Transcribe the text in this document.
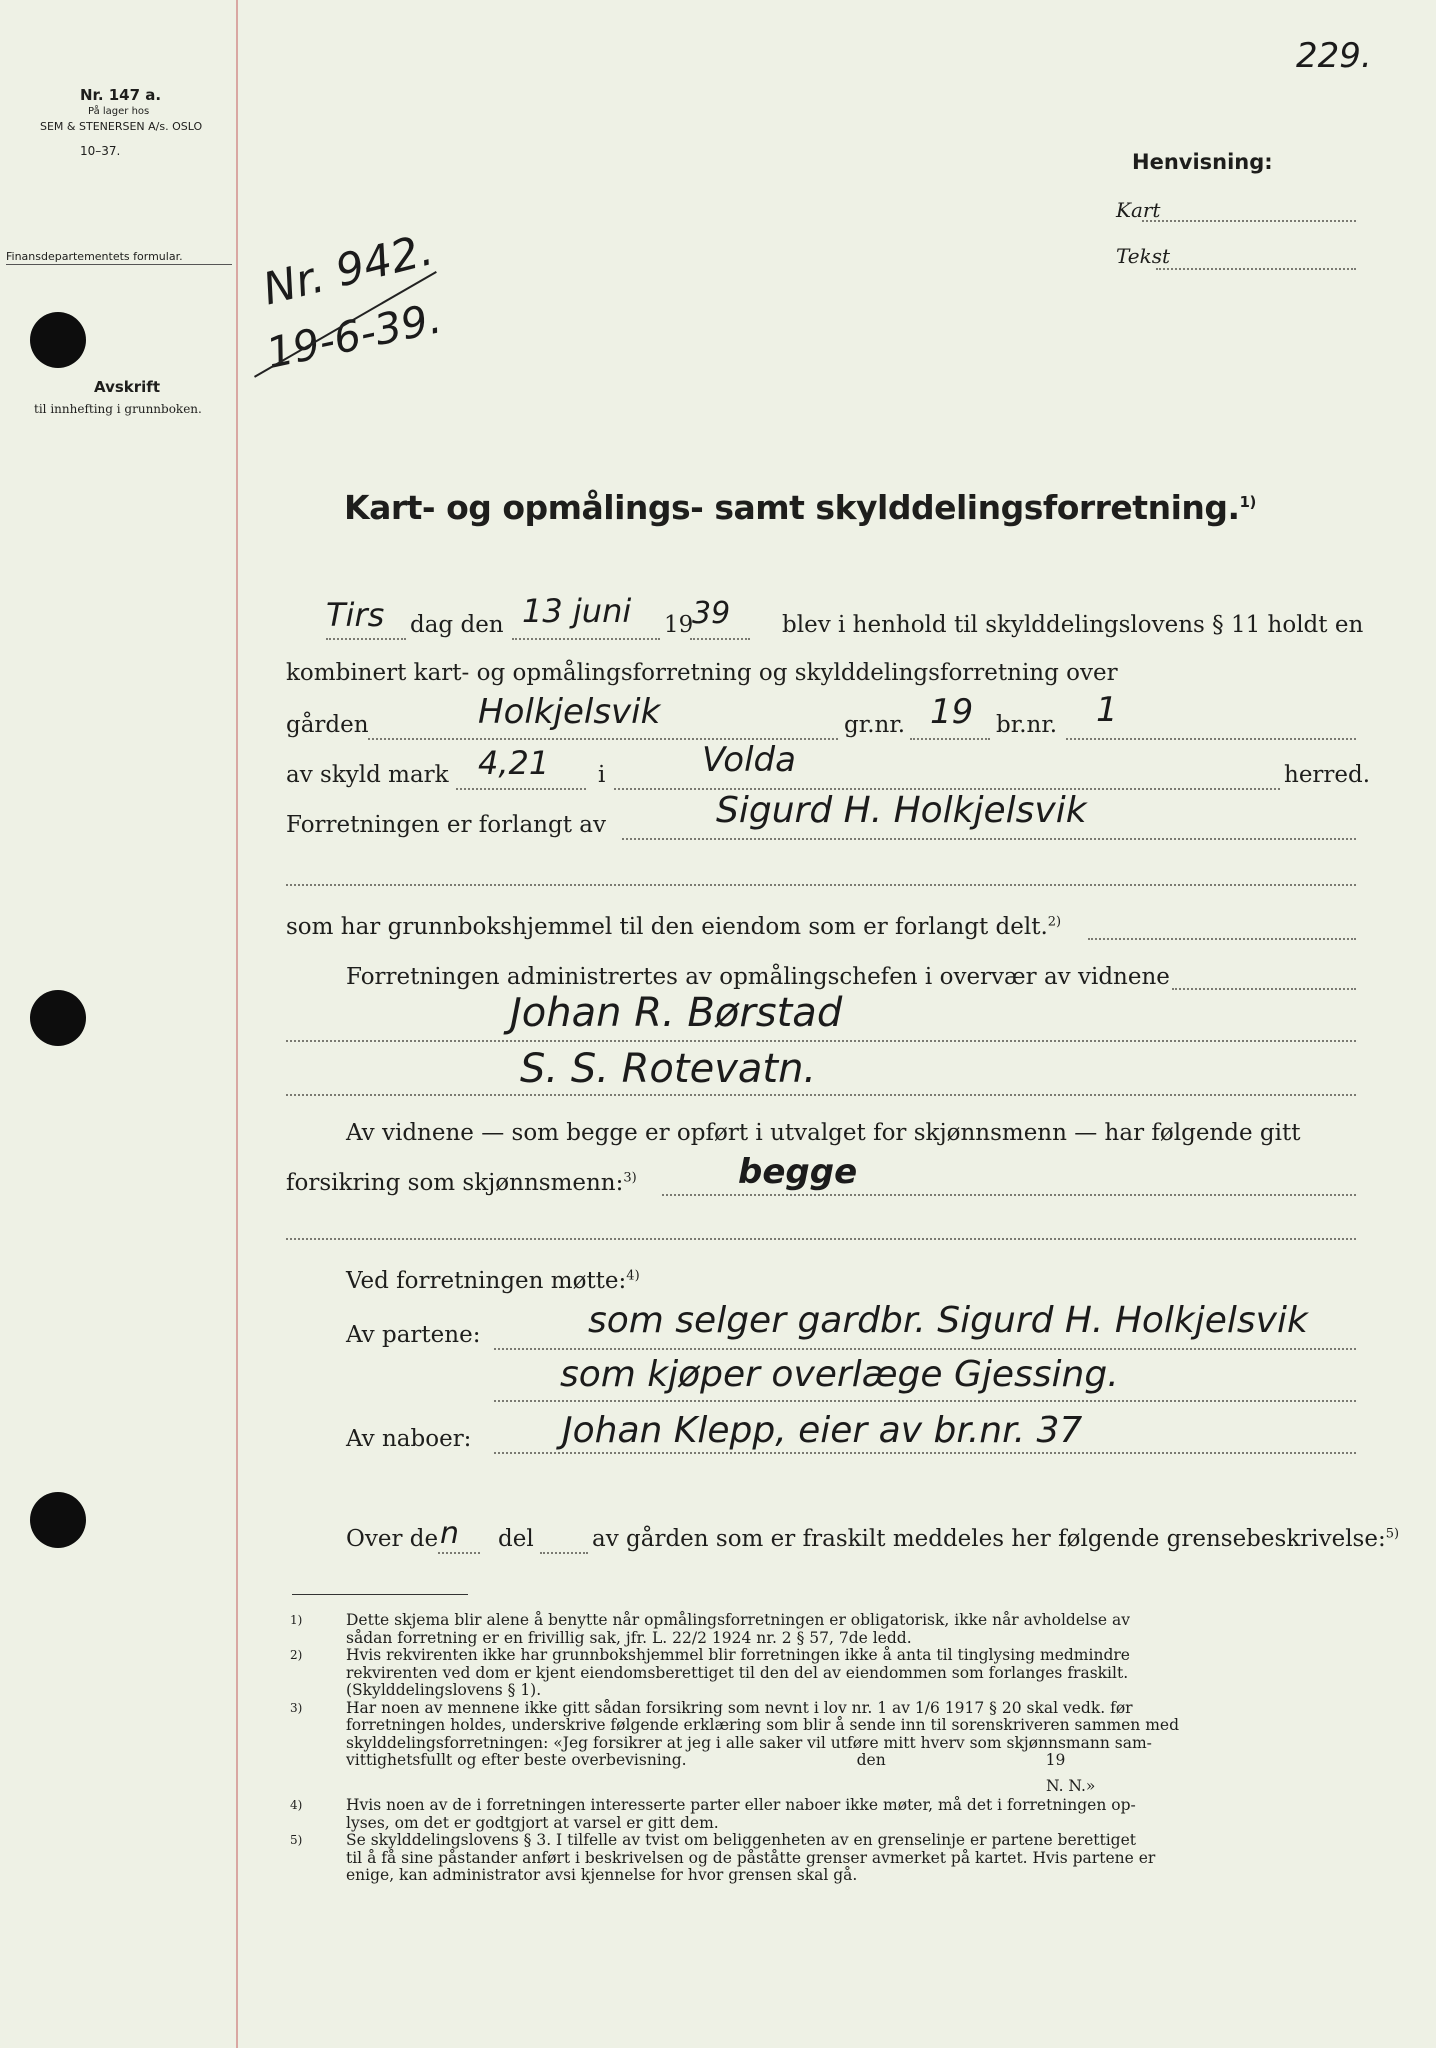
229.
Nr. 147 a.
På lager hos
SEM & STENERSEN A/s. OSLO
10–37.
Finansdepartementets formular.
Avskrift
til innhefting i grunnboken.
Nr. 942.
19-6-39.
Henvisning:
Kart
Tekst
Kart- og opmålings- samt skylddelingsforretning.$^{1)}$
Tirs dag den 13 juni 19
39 blev i henhold til skylddelingslovens § 11 holdt en
kombinert kart- og opmålingsforretning og skylddelingsforretning over
gården	Holkjelsvik	gr.nr. 19 br.nr. 1
av skyld mark 4,21 i	Volda	herred.
Forretningen er forlangt av	Sigurd H. Holkjelsvik
som har grunnbokshjemmel til den eiendom som er forlangt delt.$^{2)}$
Forretningen administrertes av opmålingschefen i overvær av vidnene
Johan R. Børstad
S. S. Rotevatn.
Av vidnene — som begge er opført i utvalget for skjønnsmenn — har følgende gitt
forsikring som skjønnsmenn:$^{3)}$	begge
Ved forretningen møtte:$^{4)}$
Av partene:	som selger gardbr. Sigurd H. Holkjelsvik
som kjøper overlæge Gjessing.
Av naboer:	Johan Klepp, eier av br.nr. 37
Over de n del	av gården som er fraskilt meddeles her følgende grensebeskrivelse:$^{5)}$
1)	Dette skjema blir alene å benytte når opmålingsforretningen er obligatorisk, ikke når avholdelse av
sådan forretning er en frivillig sak, jfr. L. 22/2 1924 nr. 2 § 57, 7de ledd.
2)	Hvis rekvirenten ikke har grunnbokshjemmel blir forretningen ikke å anta til tinglysing medmindre
rekvirenten ved dom er kjent eiendomsberettiget til den del av eiendommen som forlanges fraskilt.
(Skylddelingslovens § 1).
3)	Har noen av mennene ikke gitt sådan forsikring som nevnt i lov nr. 1 av 1/6 1917 § 20 skal vedk. før
forretningen holdes, underskrive følgende erklæring som blir å sende inn til sorenskriveren sammen med
skylddelingsforretningen: «Jeg forsikrer at jeg i alle saker vil utføre mitt hverv som skjønnsmann sam-
vittighetsfullt og efter beste overbevisning.	den	19
N. N.»
4)	Hvis noen av de i forretningen interesserte parter eller naboer ikke møter, må det i forretningen op-
lyses, om det er godtgjort at varsel er gitt dem.
5)	Se skylddelingslovens § 3. I tilfelle av tvist om beliggenheten av en grenselinje er partene berettiget
til å få sine påstander anført i beskrivelsen og de påståtte grenser avmerket på kartet. Hvis partene er
enige, kan administrator avsi kjennelse for hvor grensen skal gå.
